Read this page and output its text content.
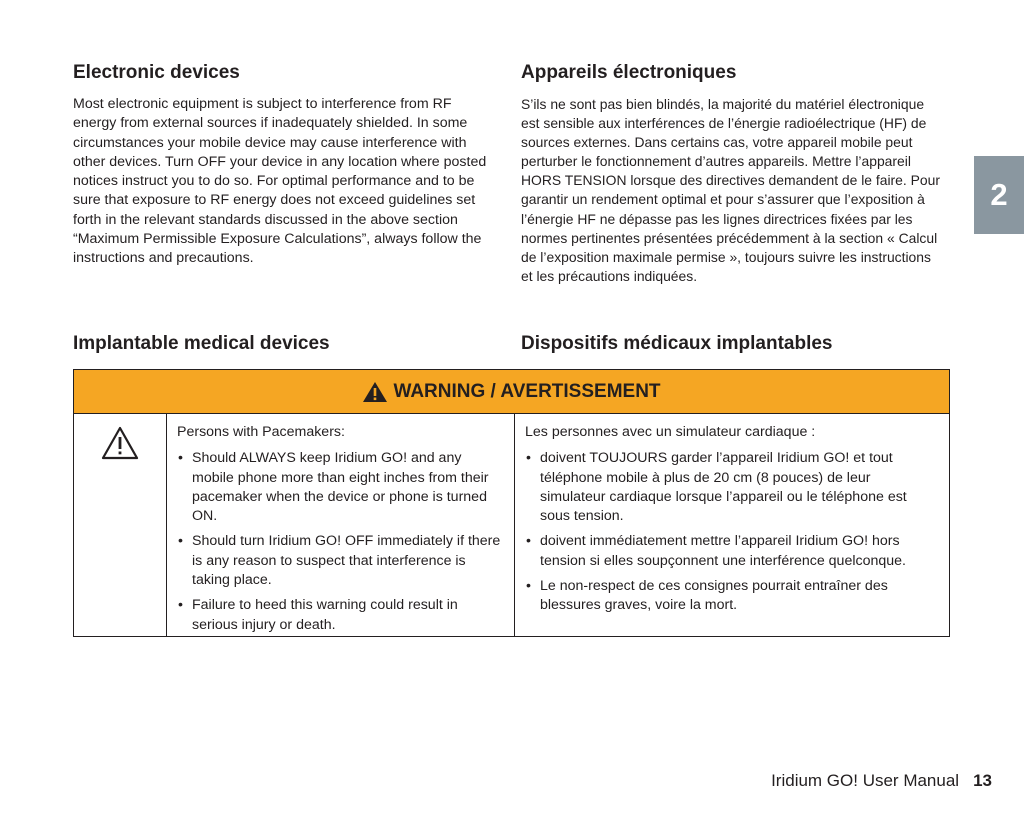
Electronic devices

Most electronic equipment is subject to interference from RF energy from external sources if inadequately shielded. In some circumstances your mobile device may cause interference with other devices. Turn OFF your device in any location where posted notices instruct you to do so. For optimal performance and to be sure that exposure to RF energy does not exceed guidelines set forth in the relevant standards discussed in the above section “Maximum Permissible Exposure Calculations”, always follow the instructions and precautions.

Appareils électroniques

S’ils ne sont pas bien blindés, la majorité du matériel électronique est sensible aux interférences de l’énergie radioélectrique (HF) de sources externes. Dans certains cas, votre appareil mobile peut perturber le fonctionnement d’autres appareils. Mettre l’appareil HORS TENSION lorsque des directives demandent de le faire. Pour garantir un rendement optimal et pour s’assurer que l’exposition à l’énergie HF ne dépasse pas les lignes directrices fixées par les normes pertinentes présentées précédemment à la section « Calcul de l’exposition maximale permise », toujours suivre les instructions et les précautions indiquées.

Implantable medical devices	Dispositifs médicaux implantables
2
WARNING / AVERTISSEMENT

Persons with Pacemakers:

• Should ALWAYS keep Iridium GO! and any mobile phone more than eight inches from their pacemaker when the device or phone is turned ON.
• Should turn Iridium GO! OFF immediately if there is any reason to suspect that interference is taking place.
• Failure to heed this warning could result in serious injury or death.

Les personnes avec un simulateur cardiaque :

• doivent TOUJOURS garder l’appareil Iridium GO! et tout téléphone mobile à plus de 20 cm (8 pouces) de leur simulateur cardiaque lorsque l’appareil ou le téléphone est sous tension.
• doivent immédiatement mettre l’appareil Iridium GO! hors tension si elles soupçonnent une interférence quelconque.
• Le non-respect de ces consignes pourrait entraîner des blessures graves, voire la mort.
Iridium GO! User Manual 13
